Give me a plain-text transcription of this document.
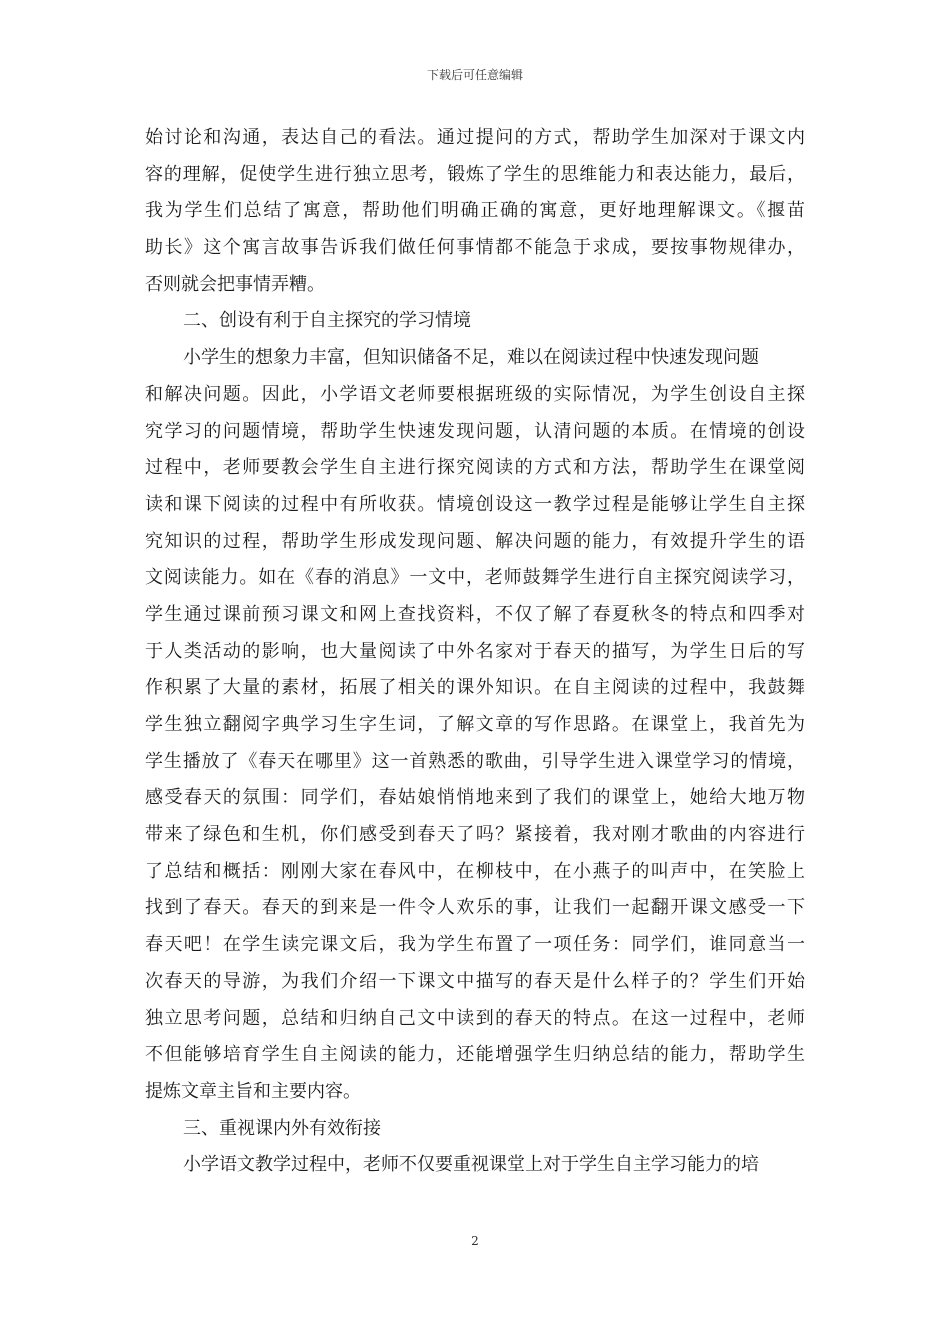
下载后可任意编辑
始讨论和沟通，表达自己的看法。通过提问的方式，帮助学生加深对于课文内
容的理解，促使学生进行独立思考，锻炼了学生的思维能力和表达能力，最后，
我为学生们总结了寓意，帮助他们明确正确的寓意，更好地理解课文。《揠苗
助长》这个寓言故事告诉我们做任何事情都不能急于求成，要按事物规律办，
否则就会把事情弄糟。
二、创设有利于自主探究的学习情境
小学生的想象力丰富，但知识储备不足，难以在阅读过程中快速发现问题
和解决问题。因此，小学语文老师要根据班级的实际情况，为学生创设自主探
究学习的问题情境，帮助学生快速发现问题，认清问题的本质。在情境的创设
过程中，老师要教会学生自主进行探究阅读的方式和方法，帮助学生在课堂阅
读和课下阅读的过程中有所收获。情境创设这一教学过程是能够让学生自主探
究知识的过程，帮助学生形成发现问题、解决问题的能力，有效提升学生的语
文阅读能力。如在《春的消息》一文中，老师鼓舞学生进行自主探究阅读学习，
学生通过课前预习课文和网上查找资料，不仅了解了春夏秋冬的特点和四季对
于人类活动的影响，也大量阅读了中外名家对于春天的描写，为学生日后的写
作积累了大量的素材，拓展了相关的课外知识。在自主阅读的过程中，我鼓舞
学生独立翻阅字典学习生字生词，了解文章的写作思路。在课堂上，我首先为
学生播放了《春天在哪里》这一首熟悉的歌曲，引导学生进入课堂学习的情境，
感受春天的氛围：同学们，春姑娘悄悄地来到了我们的课堂上，她给大地万物
带来了绿色和生机，你们感受到春天了吗？紧接着，我对刚才歌曲的内容进行
了总结和概括：刚刚大家在春风中，在柳枝中，在小燕子的叫声中，在笑脸上
找到了春天。春天的到来是一件令人欢乐的事，让我们一起翻开课文感受一下
春天吧！在学生读完课文后，我为学生布置了一项任务：同学们，谁同意当一
次春天的导游，为我们介绍一下课文中描写的春天是什么样子的？学生们开始
独立思考问题，总结和归纳自己文中读到的春天的特点。在这一过程中，老师
不但能够培育学生自主阅读的能力，还能增强学生归纳总结的能力，帮助学生
提炼文章主旨和主要内容。
三、重视课内外有效衔接
小学语文教学过程中，老师不仅要重视课堂上对于学生自主学习能力的培
2
